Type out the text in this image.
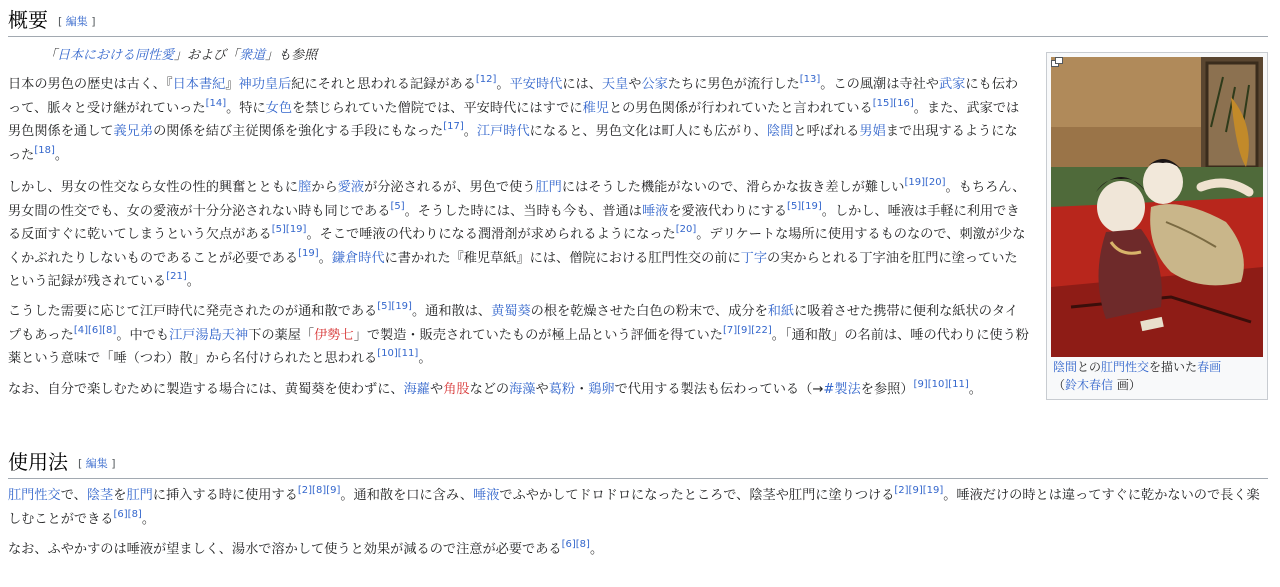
概要 [ 編集 ]
「日本における同性愛」および「衆道」も参照

日本の男色の歴史は古く、『日本書紀』神功皇后紀にそれと思われる記録がある[12]。平安時代には、天皇や公家たちに男色が流行した[13]。この風潮は寺社や武家にも伝わって、脈々と受け継がれていった[14]。特に女色を禁じられていた僧院では、平安時代にはすでに稚児との男色関係が行われていたと言われている[15][16]。また、武家では男色関係を通して義兄弟の関係を結び主従関係を強化する手段にもなった[17]。江戸時代になると、男色文化は町人にも広がり、陰間と呼ばれる男娼まで出現するようになった[18]。

しかし、男女の性交なら女性の性的興奮とともに膣から愛液が分泌されるが、男色で使う肛門にはそうした機能がないので、滑らかな抜き差しが難しい[19][20]。もちろん、男女間の性交でも、女の愛液が十分分泌されない時も同じである[5]。そうした時には、当時も今も、普通は唾液を愛液代わりにする[5][19]。しかし、唾液は手軽に利用できる反面すぐに乾いてしまうという欠点がある[5][19]。そこで唾液の代わりになる潤滑剤が求められるようになった[20]。デリケートな場所に使用するものなので、刺激が少なくかぶれたりしないものであることが必要である[19]。鎌倉時代に書かれた『稚児草紙』には、僧院における肛門性交の前に丁字の実からとれる丁字油を肛門に塗っていたという記録が残されている[21]。

こうした需要に応じて江戸時代に発売されたのが通和散である[5][19]。通和散は、黄蜀葵の根を乾燥させた白色の粉末で、成分を和紙に吸着させた携帯に便利な紙状のタイプもあった[4][6][8]。中でも江戸湯島天神下の薬屋「伊勢七」で製造・販売されていたものが極上品という評価を得ていた[7][9][22]。「通和散」の名前は、唾の代わりに使う粉薬という意味で「唾（つわ）散」から名付けられたと思われる[10][11]。

なお、自分で楽しむために製造する場合には、黄蜀葵を使わずに、海蘿や角股などの海藻や葛粉・鶏卵で代用する製法も伝わっている（→#製法を参照）[9][10][11]。

使用法 [ 編集 ]

肛門性交で、陰茎を肛門に挿入する時に使用する[2][8][9]。通和散を口に含み、唾液でふやかしてドロドロになったところで、陰茎や肛門に塗りつける[2][9][19]。唾液だけの時とは違ってすぐに乾かないので長く楽しむことができる[6][8]。

なお、ふやかすのは唾液が望ましく、湯水で溶かして使うと効果が減るので注意が必要である[6][8]。

陰間との肛門性交を描いた春画
（鈴木春信 画）
